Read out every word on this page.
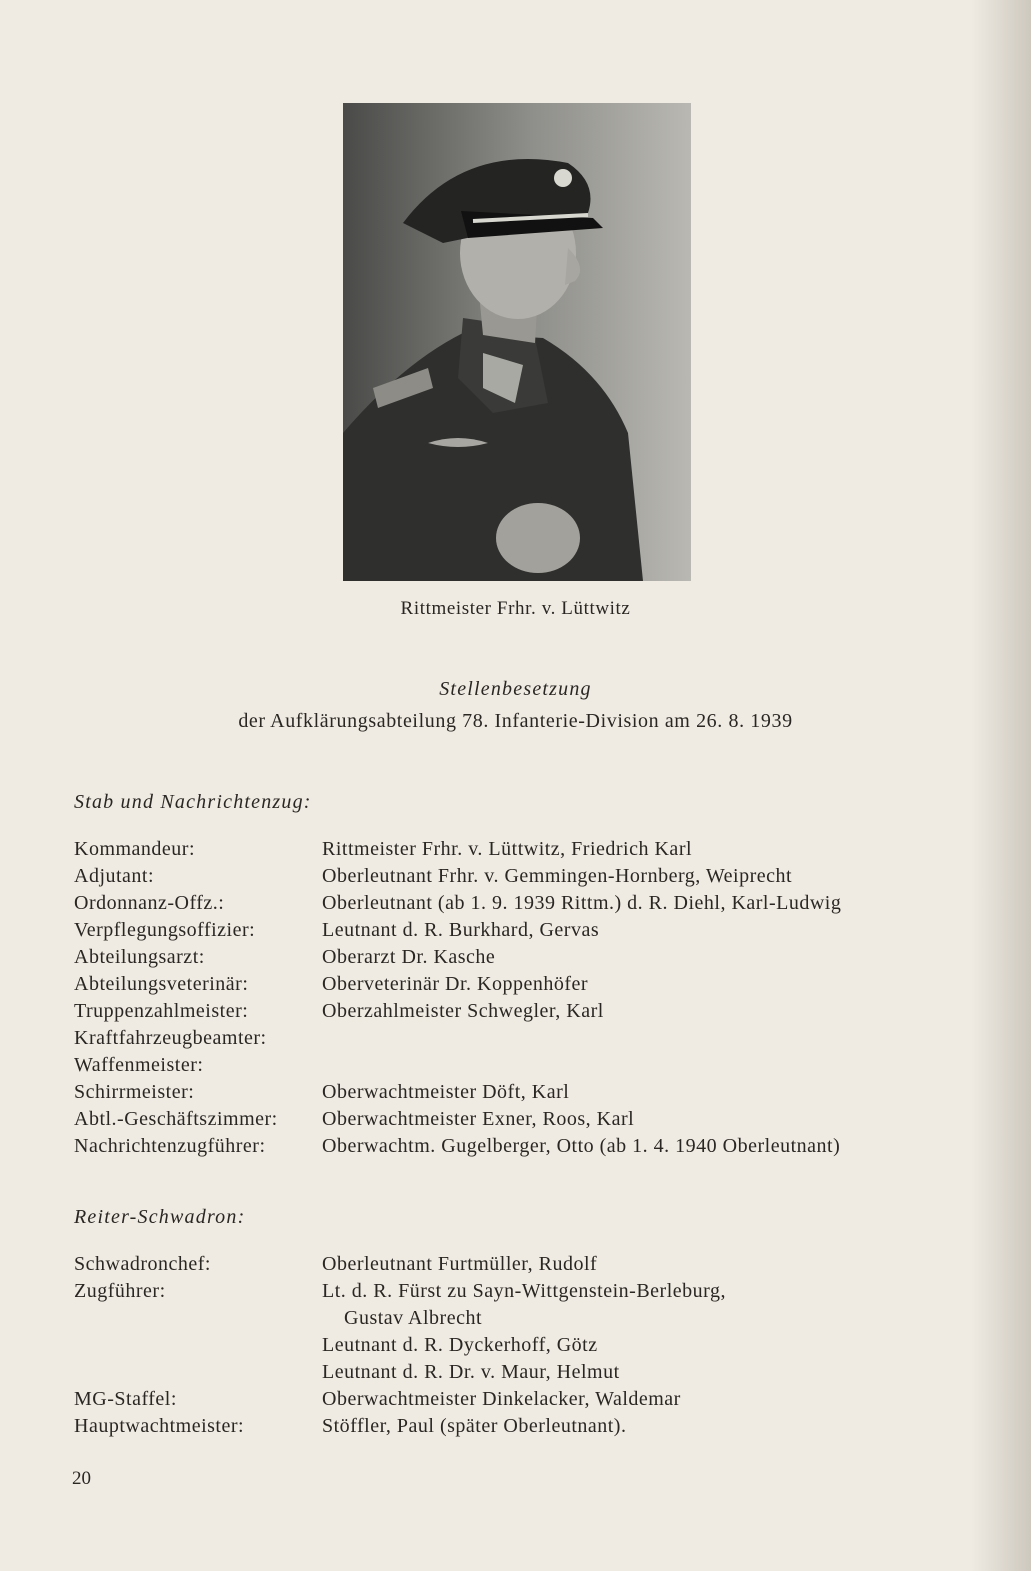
Rittmeister Frhr. v. Lüttwitz
Stellenbesetzung
der Aufklärungsabteilung 78. Infanterie-Division am 26. 8. 1939
Stab und Nachrichtenzug:
Kommandeur:	Rittmeister Frhr. v. Lüttwitz, Friedrich Karl
Adjutant:	Oberleutnant Frhr. v. Gemmingen-Hornberg, Weiprecht
Ordonnanz-Offz.:	Oberleutnant (ab 1. 9. 1939 Rittm.) d. R. Diehl, Karl-Ludwig
Verpflegungsoffizier:	Leutnant d. R. Burkhard, Gervas
Abteilungsarzt:	Oberarzt Dr. Kasche
Abteilungsveterinär:	Oberveterinär Dr. Koppenhöfer
Truppenzahlmeister:	Oberzahlmeister Schwegler, Karl
Kraftfahrzeugbeamter:
Waffenmeister:
Schirrmeister:	Oberwachtmeister Döft, Karl
Abtl.-Geschäftszimmer: Oberwachtmeister Exner, Roos, Karl
Nachrichtenzugführer:	Oberwachtm. Gugelberger, Otto (ab 1. 4. 1940 Oberleutnant)
Reiter-Schwadron:
Schwadronchef:	Oberleutnant Furtmüller, Rudolf
Zugführer:	Lt. d. R. Fürst zu Sayn-Wittgenstein-Berleburg,
Gustav Albrecht
Leutnant d. R. Dyckerhoff, Götz
Leutnant d. R. Dr. v. Maur, Helmut
MG-Staffel:	Oberwachtmeister Dinkelacker, Waldemar
Hauptwachtmeister:	Stöffler, Paul (später Oberleutnant).
20
